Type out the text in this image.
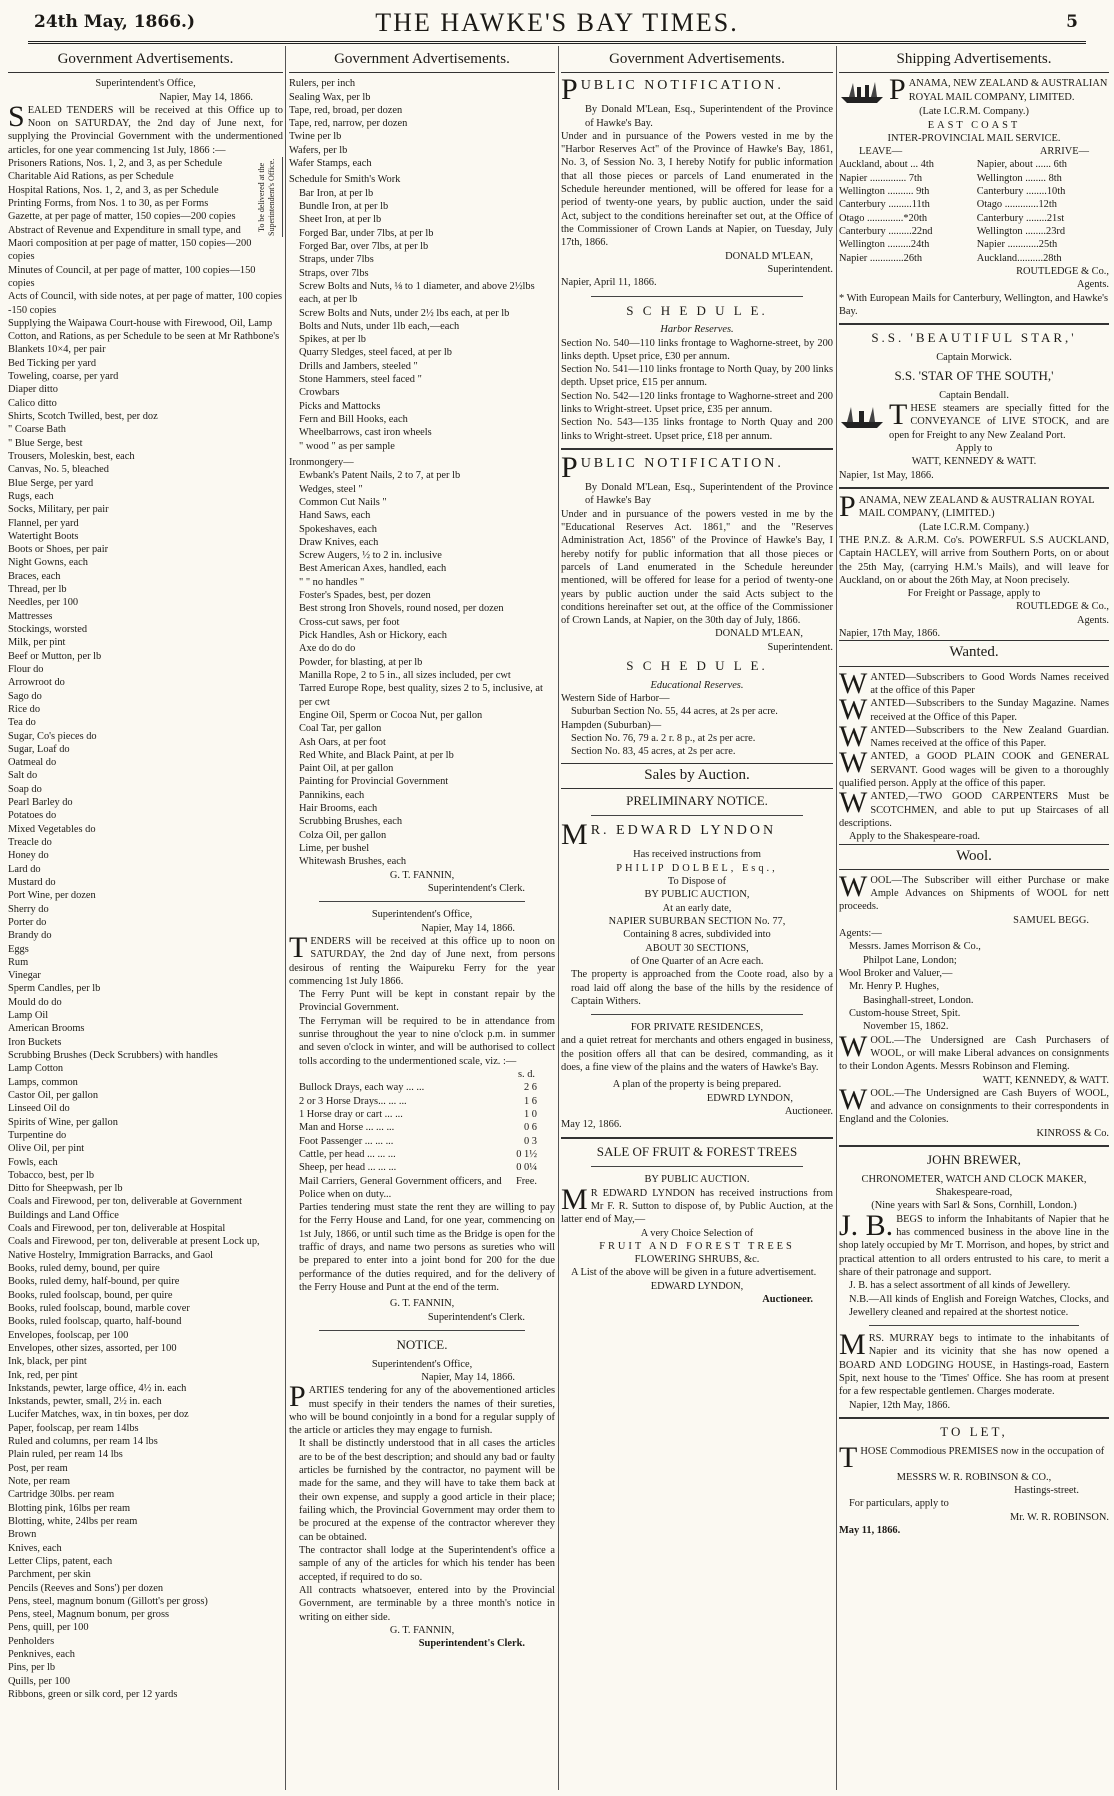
24th May, 1866.)	THE HAWKE'S BAY TIMES.	5
Government Advertisements.
Superintendent's Office,
Napier, May 14, 1866.
SEALED TENDERS will be received at this Office up to Noon on SATURDAY, the 2nd day of June next, for supplying the Provincial Government with the undermentioned articles, for one year commencing 1st July, 1866 :—
To be delivered at the Superintendent's Office.
Prisoners Rations, Nos. 1, 2, and 3, as per Schedule
Charitable Aid Rations, as per Schedule
Hospital Rations, Nos. 1, 2, and 3, as per Schedule
Printing Forms, from Nos. 1 to 30, as per Forms
Gazette, at per page of matter, 150 copies—200 copies
Abstract of Revenue and Expenditure in small type, and Maori composition at per page of matter, 150 copies—200 copies
Minutes of Council, at per page of matter, 100 copies—150 copies
Acts of Council, with side notes, at per page of matter, 100 copies -150 copies
Supplying the Waipawa Court-house with Firewood, Oil, Lamp Cotton, and Rations, as per Schedule to be seen at Mr Rathbone's
Blankets 10×4, per pair
Bed Ticking per yard
Toweling, coarse, per yard
Diaper ditto
Calico ditto
Shirts, Scotch Twilled, best, per doz
" Coarse Bath
" Blue Serge, best
Trousers, Moleskin, best, each
Canvas, No. 5, bleached
Blue Serge, per yard
Rugs, each
Socks, Military, per pair
Flannel, per yard
Watertight Boots
Boots or Shoes, per pair
Night Gowns, each
Braces, each
Thread, per lb
Needles, per 100
Mattresses
Stockings, worsted
Milk, per pint
Beef or Mutton, per lb
Flour do
Arrowroot do
Sago do
Rice do
Tea do
Sugar, Co's pieces do
Sugar, Loaf do
Oatmeal do
Salt do
Soap do
Pearl Barley do
Potatoes do
Mixed Vegetables do
Treacle do
Honey do
Lard do
Mustard do
Port Wine, per dozen
Sherry do
Porter do
Brandy do
Eggs
Rum
Vinegar
Sperm Candles, per lb
Mould do do
Lamp Oil
American Brooms
Iron Buckets
Scrubbing Brushes (Deck Scrubbers) with handles
Lamp Cotton
Lamps, common
Castor Oil, per gallon
Linseed Oil do
Spirits of Wine, per gallon
Turpentine do
Olive Oil, per pint
Fowls, each
Tobacco, best, per lb
Ditto for Sheepwash, per lb
Coals and Firewood, per ton, deliverable at Government Buildings and Land Office
Coals and Firewood, per ton, deliverable at Hospital
Coals and Firewood, per ton, deliverable at present Lock up, Native Hostelry, Immigration Barracks, and Gaol
Books, ruled demy, bound, per quire
Books, ruled demy, half-bound, per quire
Books, ruled foolscap, bound, per quire
Books, ruled foolscap, bound, marble cover
Books, ruled foolscap, quarto, half-bound
Envelopes, foolscap, per 100
Envelopes, other sizes, assorted, per 100
Ink, black, per pint
Ink, red, per pint
Inkstands, pewter, large office, 4½ in. each
Inkstands, pewter, small, 2½ in. each
Lucifer Matches, wax, in tin boxes, per doz
Paper, foolscap, per ream 14lbs
Ruled and columns, per ream 14 lbs
Plain ruled, per ream 14 lbs
Post, per ream
Note, per ream
Cartridge 30lbs. per ream
Blotting pink, 16lbs per ream
Blotting, white, 24lbs per ream
Brown
Knives, each
Letter Clips, patent, each
Parchment, per skin
Pencils (Reeves and Sons') per dozen
Pens, steel, magnum bonum (Gillott's per gross)
Pens, steel, Magnum bonum, per gross
Pens, quill, per 100
Penholders
Penknives, each
Pins, per lb
Quills, per 100
Ribbons, green or silk cord, per 12 yards
Government Advertisements.
Rulers, per inch
Sealing Wax, per lb
Tape, red, broad, per dozen
Tape, red, narrow, per dozen
Twine per lb
Wafers, per lb
Wafer Stamps, each
Schedule for Smith's Work
Bar Iron, at per lb
Bundle Iron, at per lb
Sheet Iron, at per lb
Forged Bar, under 7lbs, at per lb
Forged Bar, over 7lbs, at per lb
Straps, under 7lbs
Straps, over 7lbs
Screw Bolts and Nuts, ⅛ to 1 diameter, and above 2½lbs each, at per lb
Screw Bolts and Nuts, under 2½ lbs each, at per lb
Bolts and Nuts, under 1lb each,—each
Spikes, at per lb
Quarry Sledges, steel faced, at per lb
Drills and Jambers, steeled "
Stone Hammers, steel faced "
Crowbars
Picks and Mattocks
Fern and Bill Hooks, each
Wheelbarrows, cast iron wheels
" wood " as per sample
Ironmongery—
Ewbank's Patent Nails, 2 to 7, at per lb
Wedges, steel "
Common Cut Nails "
Hand Saws, each
Spokeshaves, each
Draw Knives, each
Screw Augers, ½ to 2 in. inclusive
Best American Axes, handled, each
" " no handles "
Foster's Spades, best, per dozen
Best strong Iron Shovels, round nosed, per dozen
Cross-cut saws, per foot
Pick Handles, Ash or Hickory, each
Axe do do do
Powder, for blasting, at per lb
Manilla Rope, 2 to 5 in., all sizes included, per cwt
Tarred Europe Rope, best quality, sizes 2 to 5, inclusive, at per cwt
Engine Oil, Sperm or Cocoa Nut, per gallon
Coal Tar, per gallon
Ash Oars, at per foot
Red White, and Black Paint, at per lb
Paint Oil, at per gallon
Painting for Provincial Government
Pannikins, each
Hair Brooms, each
Scrubbing Brushes, each
Colza Oil, per gallon
Lime, per bushel
Whitewash Brushes, each
G. T. FANNIN,
Superintendent's Clerk.
Superintendent's Office,
Napier, May 14, 1866.
TENDERS will be received at this office up to noon on SATURDAY, the 2nd day of June next, from persons desirous of renting the Waipureku Ferry for the year commencing 1st July 1866.
The Ferry Punt will be kept in constant repair by the Provincial Government.
The Ferryman will be required to be in attendance from sunrise throughout the year to nine o'clock p.m. in summer and seven o'clock in winter, and will be authorised to collect tolls according to the undermentioned scale, viz. :—
s. d.
Bullock Drays, each way ... ...	2 6
2 or 3 Horse Drays... ... ...	1 6
1 Horse dray or cart ... ...	1 0
Man and Horse ... ... ...	0 6
Foot Passenger ... ... ...	0 3
Cattle, per head ... ... ...	0 1½
Sheep, per head ... ... ...	0 0¼
Mail Carriers, General Government officers, and Police when on duty...
Free.
Parties tendering must state the rent they are willing to pay for the Ferry House and Land, for one year, commencing on 1st July, 1866, or until such time as the Bridge is open for the traffic of drays, and name two persons as sureties who will be prepared to enter into a joint bond for 200 for the due performance of the duties required, and for the delivery of the Ferry House and Punt at the end of the term.
G. T. FANNIN,
Superintendent's Clerk.
NOTICE.
Superintendent's Office,
Napier, May 14, 1866.
PARTIES tendering for any of the abovementioned articles must specify in their tenders the names of their sureties, who will be bound conjointly in a bond for a regular supply of the article or articles they may engage to furnish.
It shall be distinctly understood that in all cases the articles are to be of the best description; and should any bad or faulty articles be furnished by the contractor, no payment will be made for the same, and they will have to take them back at their own expense, and supply a good article in their place; failing which, the Provincial Government may order them to be procured at the expense of the contractor wherever they can be obtained.
The contractor shall lodge at the Superintendent's office a sample of any of the articles for which his tender has been accepted, if required to do so.
All contracts whatsoever, entered into by the Provincial Government, are terminable by a three month's notice in writing on either side.
G. T. FANNIN,
Superintendent's Clerk.
Government Advertisements.
PUBLIC NOTIFICATION.
By Donald M'Lean, Esq., Superintendent of the Province of Hawke's Bay.
Under and in pursuance of the Powers vested in me by the "Harbor Reserves Act" of the Province of Hawke's Bay, 1861, No. 3, of Session No. 3, I hereby Notify for public information that all those pieces or parcels of Land enumerated in the Schedule hereunder mentioned, will be offered for lease for a period of twenty-one years, by public auction, under the said Act, subject to the conditions hereinafter set out, at the Office of the Commissioner of Crown Lands at Napier, on Tuesday, July 17th, 1866.
DONALD M'LEAN,
Superintendent.
Napier, April 11, 1866.
S C H E D U L E.
Harbor Reserves.
Section No. 540—110 links frontage to Waghorne-street, by 200 links depth. Upset price, £30 per annum.
Section No. 541—110 links frontage to North Quay, by 200 links depth. Upset price, £15 per annum.
Section No. 542—120 links frontage to Waghorne-street and 200 links to Wright-street. Upset price, £35 per annum.
Section No. 543—135 links frontage to North Quay and 200 links to Wright-street. Upset price, £18 per annum.
PUBLIC NOTIFICATION.
By Donald M'Lean, Esq., Superintendent of the Province of Hawke's Bay
Under and in pursuance of the powers vested in me by the "Educational Reserves Act. 1861," and the "Reserves Administration Act, 1856" of the Province of Hawke's Bay, I hereby notify for public information that all those pieces or parcels of Land enumerated in the Schedule hereunder mentioned, will be offered for lease for a period of twenty-one years by public auction under the said Acts subject to the conditions hereinafter set out, at the office of the Commissioner of Crown Lands, at Napier, on the 30th day of July, 1866.
DONALD M'LEAN,
Superintendent.
S C H E D U L E.
Educational Reserves.
Western Side of Harbor—
Suburban Section No. 55, 44 acres, at 2s per acre.
Hampden (Suburban)—
Section No. 76, 79 a. 2 r. 8 p., at 2s per acre.
Section No. 83, 45 acres, at 2s per acre.
Sales by Auction.
PRELIMINARY NOTICE.
M R. EDWARD LYNDON
Has received instructions from
PHILIP DOLBEL, Esq.,
To Dispose of
BY PUBLIC AUCTION,
At an early date,
NAPIER SUBURBAN SECTION No. 77,
Containing 8 acres, subdivided into
ABOUT 30 SECTIONS,
of One Quarter of an Acre each.
The property is approached from the Coote road, also by a road laid off along the base of the hills by the residence of Captain Withers.
FOR PRIVATE RESIDENCES,
and a quiet retreat for merchants and others engaged in business, the position offers all that can be desired, commanding, as it does, a fine view of the plains and the waters of Hawke's Bay.
A plan of the property is being prepared.
EDWRD LYNDON,
Auctioneer.
May 12, 1866.
SALE OF FRUIT & FOREST TREES
BY PUBLIC AUCTION.
M R EDWARD LYNDON has received instructions from Mr F. R. Sutton to dispose of, by Public Auction, at the latter end of May,—
A very Choice Selection of
FRUIT AND FOREST TREES
FLOWERING SHRUBS, &c.
A List of the above will be given in a future advertisement.
EDWARD LYNDON,
Auctioneer.
Shipping Advertisements.
PANAMA, NEW ZEALAND & AUSTRALIAN ROYAL MAIL COMPANY, LIMITED.
(Late I.C.R.M. Company.)
EAST COAST
INTER-PROVINCIAL MAIL SERVICE.
LEAVE—	ARRIVE—
Auckland, about ... 4th	Napier, about ...... 6th
Napier .............. 7th	Wellington ........ 8th
Wellington .......... 9th	Canterbury ........10th
Canterbury .........11th	Otago .............12th
Otago ..............*20th	Canterbury ........21st
Canterbury .........22nd	Wellington ........23rd
Wellington .........24th	Napier ............25th
Napier .............26th	Auckland..........28th
ROUTLEDGE & Co.,
Agents.
* With European Mails for Canterbury, Wellington, and Hawke's Bay.
S.S. 'BEAUTIFUL STAR,'
Captain Morwick.
S.S. 'STAR OF THE SOUTH,'
Captain Bendall.
THESE steamers are specially fitted for the CONVEYANCE of LIVE STOCK, and are open for Freight to any New Zealand Port.
Apply to
WATT, KENNEDY & WATT.
Napier, 1st May, 1866.
PANAMA, NEW ZEALAND & AUSTRALIAN ROYAL MAIL COMPANY, (LIMITED.)
(Late I.C.R.M. Company.)
THE P.N.Z. & A.R.M. Co's. POWERFUL S.S AUCKLAND, Captain HACLEY, will arrive from Southern Ports, on or about the 25th May, (carrying H.M.'s Mails), and will leave for Auckland, on or about the 26th May, at Noon precisely.
For Freight or Passage, apply to
ROUTLEDGE & Co.,
Agents.
Napier, 17th May, 1866.
Wanted.
WANTED—Subscribers to Good Words Names received at the office of this Paper
WANTED—Subscribers to the Sunday Magazine. Names received at the Office of this Paper.
WANTED—Subscribers to the New Zealand Guardian. Names received at the office of this Paper.
WANTED, a GOOD PLAIN COOK and GENERAL SERVANT. Good wages will be given to a thoroughly qualified person. Apply at the office of this paper.
WANTED,—TWO GOOD CARPENTERS Must be SCOTCHMEN, and able to put up Staircases of all descriptions.
Apply to the Shakespeare-road.
Wool.
WOOL—The Subscriber will either Purchase or make Ample Advances on Shipments of WOOL for nett proceeds.
SAMUEL BEGG.
Agents:—
Messrs. James Morrison & Co.,
Philpot Lane, London;
Wool Broker and Valuer,—
Mr. Henry P. Hughes,
Basinghall-street, London.
Custom-house Street, Spit.
November 15, 1862.
WOOL.—The Undersigned are Cash Purchasers of WOOL, or will make Liberal advances on consignments to their London Agents. Messrs Robinson and Fleming.
WATT, KENNEDY, & WATT.
WOOL.—The Undersigned are Cash Buyers of WOOL, and advance on consignments to their correspondents in England and the Colonies.
KINROSS & Co.
JOHN BREWER,
CHRONOMETER, WATCH AND CLOCK MAKER,
Shakespeare-road,
(Nine years with Sarl & Sons, Cornhill, London.)
J. B. BEGS to inform the Inhabitants of Napier that he has commenced business in the above line in the shop lately occupied by Mr T. Morrison, and hopes, by strict and practical attention to all orders entrusted to his care, to merit a share of their patronage and support.
J. B. has a select assortment of all kinds of Jewellery.
N.B.—All kinds of English and Foreign Watches, Clocks, and Jewellery cleaned and repaired at the shortest notice.
MRS. MURRAY begs to intimate to the inhabitants of Napier and its vicinity that she has now opened a BOARD AND LODGING HOUSE, in Hastings-road, Eastern Spit, next house to the 'Times' Office. She has room at present for a few respectable gentlemen. Charges moderate.
Napier, 12th May, 1866.
TO LET,
THOSE Commodious PREMISES now in the occupation of
MESSRS W. R. ROBINSON & CO.,
Hastings-street.
For particulars, apply to
Mr. W. R. ROBINSON.
May 11, 1866.
